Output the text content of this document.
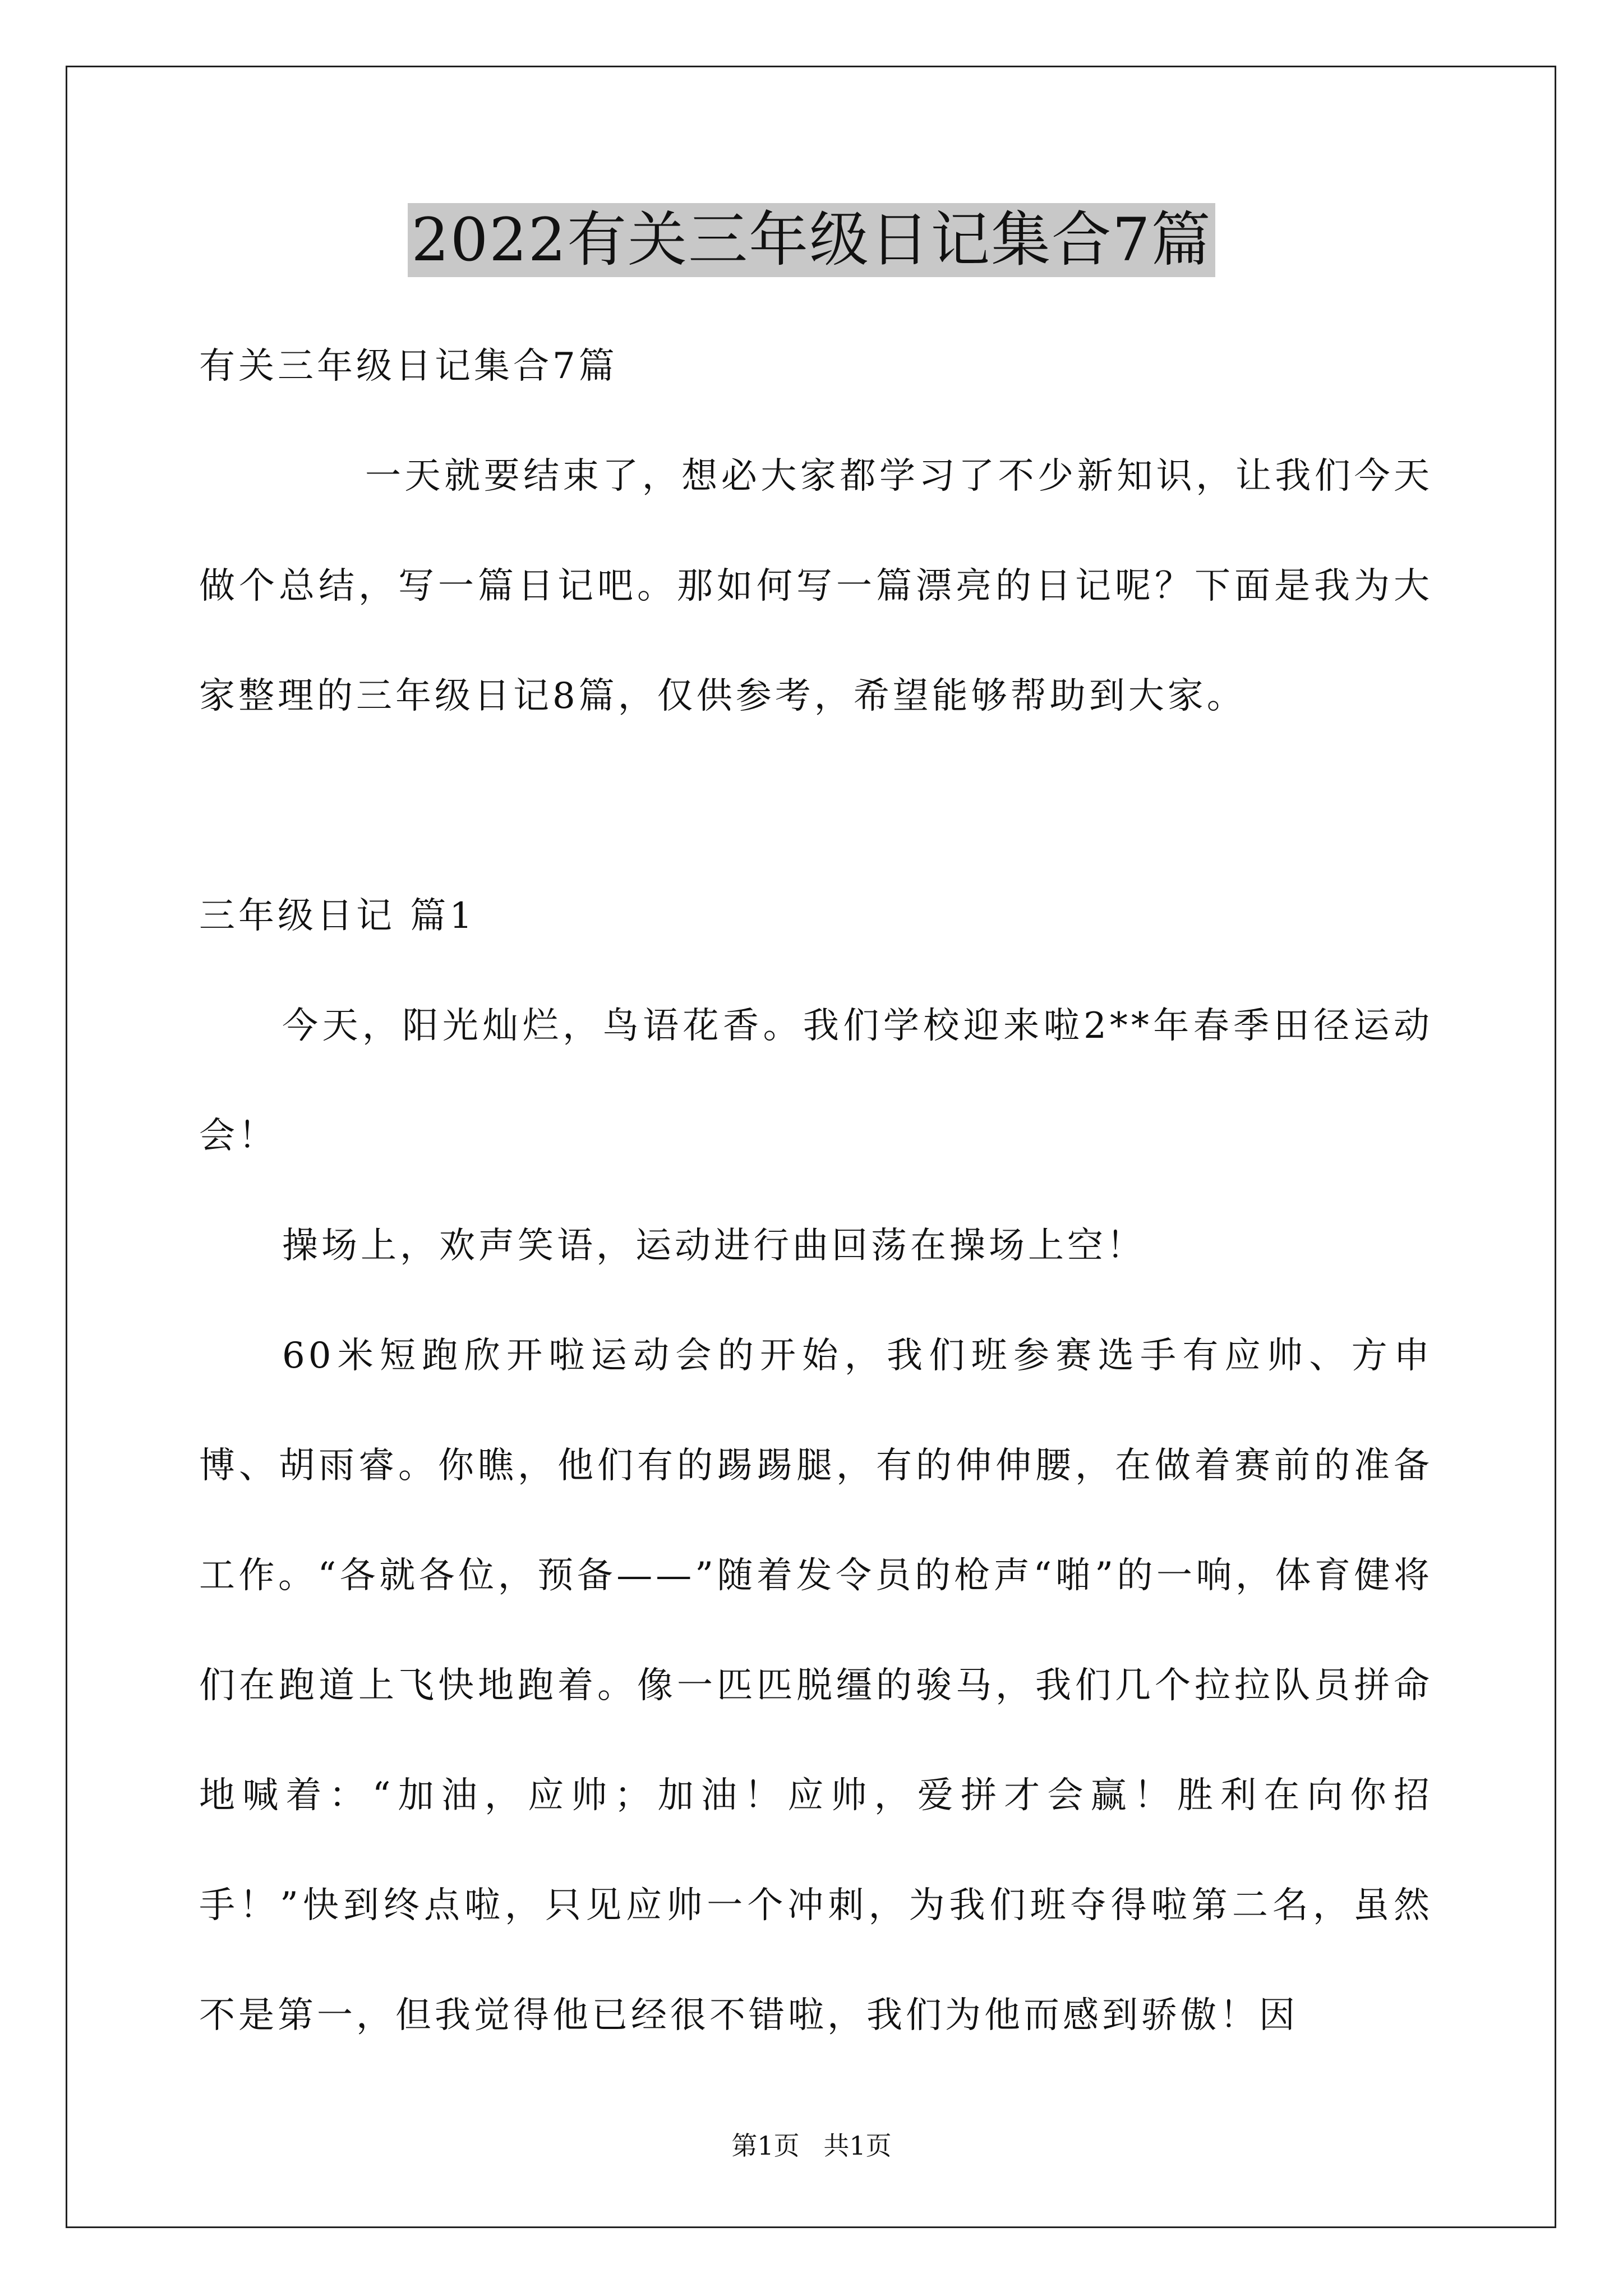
2022有关三年级日记集合7篇

有关三年级日记集合7篇

一天就要结束了，想必大家都学习了不少新知识，让我们今天做个总结，写一篇日记吧。那如何写一篇漂亮的日记呢？下面是我为大家整理的三年级日记8篇，仅供参考，希望能够帮助到大家。

三年级日记 篇1

今天，阳光灿烂，鸟语花香。我们学校迎来啦2**年春季田径运动会！

操场上，欢声笑语，运动进行曲回荡在操场上空！

60米短跑欣开啦运动会的开始，我们班参赛选手有应帅、方申博、胡雨睿。你瞧，他们有的踢踢腿，有的伸伸腰，在做着赛前的准备工作。“各就各位，预备——”随着发令员的枪声“啪”的一响，体育健将们在跑道上飞快地跑着。像一匹匹脱缰的骏马，我们几个拉拉队员拼命地喊着：“加油，应帅；加油！应帅，爱拼才会赢！胜利在向你招手！”快到终点啦，只见应帅一个冲刺，为我们班夺得啦第二名，虽然不是第一，但我觉得他已经很不错啦，我们为他而感到骄傲！因

第1页 共1页
